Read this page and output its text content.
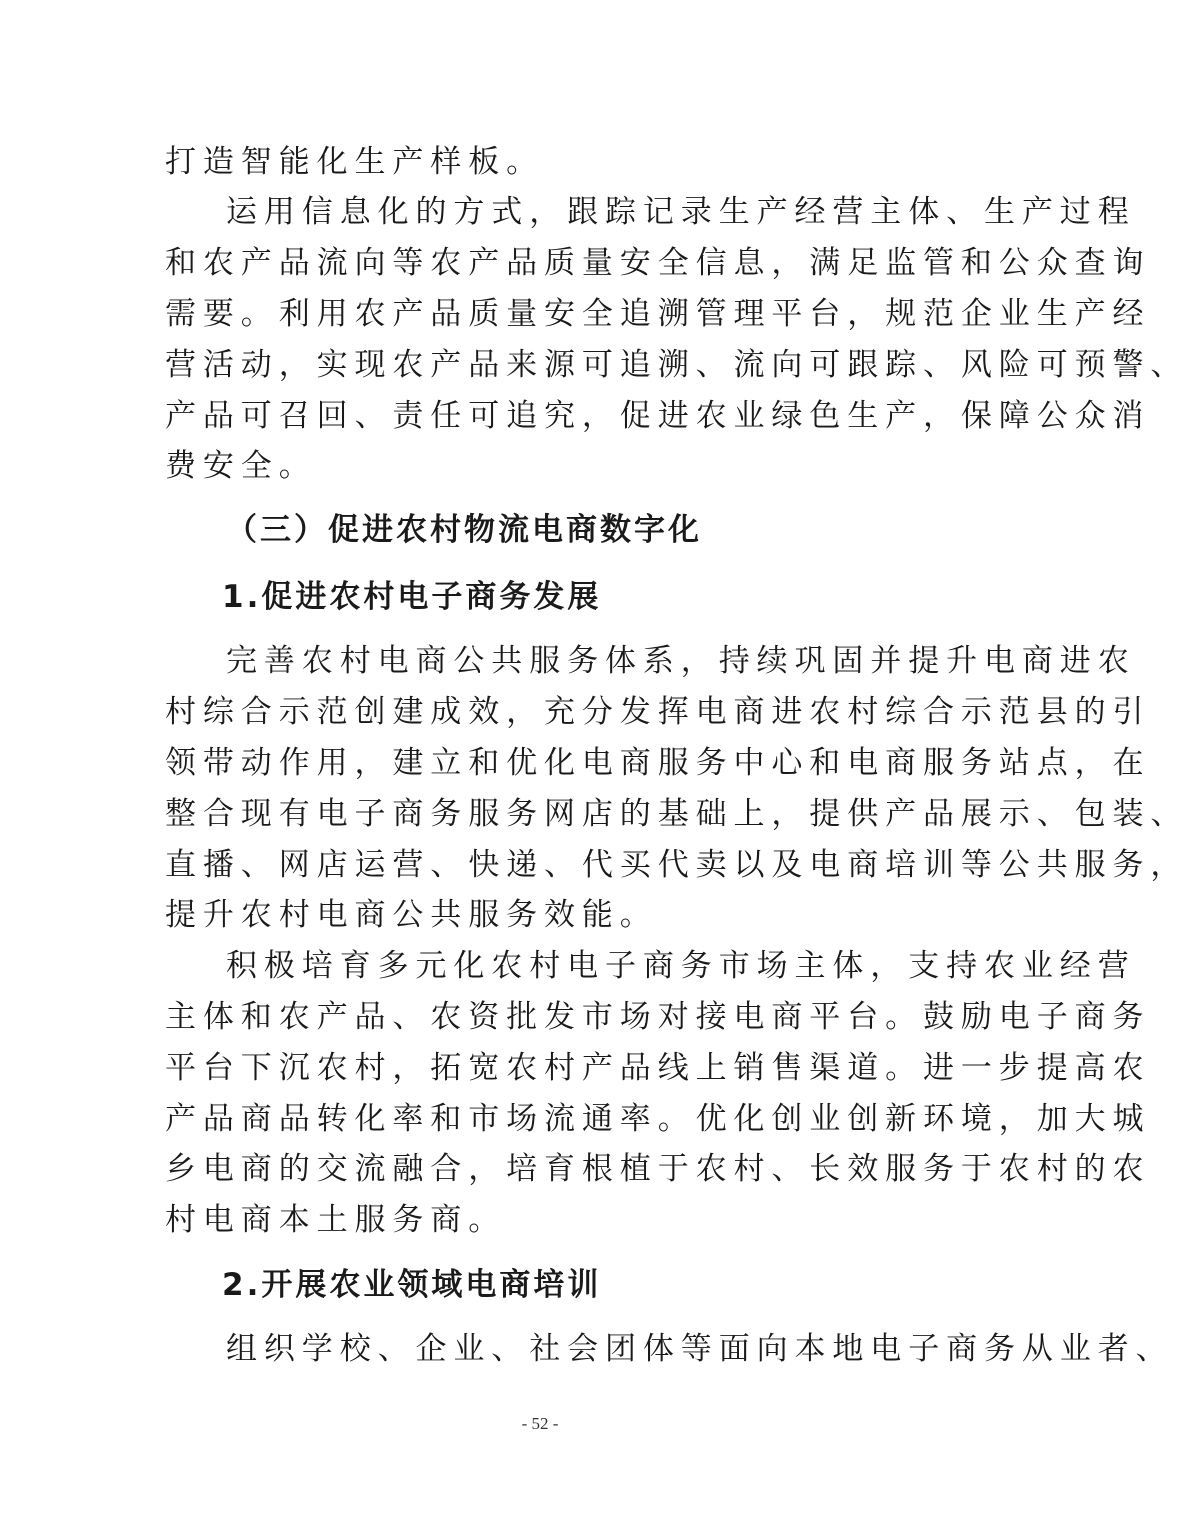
打造智能化生产样板。
运用信息化的方式，跟踪记录生产经营主体、生产过程
和农产品流向等农产品质量安全信息，满足监管和公众查询
需要。利用农产品质量安全追溯管理平台，规范企业生产经
营活动，实现农产品来源可追溯、流向可跟踪、风险可预警、
产品可召回、责任可追究，促进农业绿色生产，保障公众消
费安全。
（三）促进农村物流电商数字化
1.促进农村电子商务发展
完善农村电商公共服务体系，持续巩固并提升电商进农
村综合示范创建成效，充分发挥电商进农村综合示范县的引
领带动作用，建立和优化电商服务中心和电商服务站点，在
整合现有电子商务服务网店的基础上，提供产品展示、包装、
直播、网店运营、快递、代买代卖以及电商培训等公共服务，
提升农村电商公共服务效能。
积极培育多元化农村电子商务市场主体，支持农业经营
主体和农产品、农资批发市场对接电商平台。鼓励电子商务
平台下沉农村，拓宽农村产品线上销售渠道。进一步提高农
产品商品转化率和市场流通率。优化创业创新环境，加大城
乡电商的交流融合，培育根植于农村、长效服务于农村的农
村电商本土服务商。
2.开展农业领域电商培训
组织学校、企业、社会团体等面向本地电子商务从业者、
- 52 -
